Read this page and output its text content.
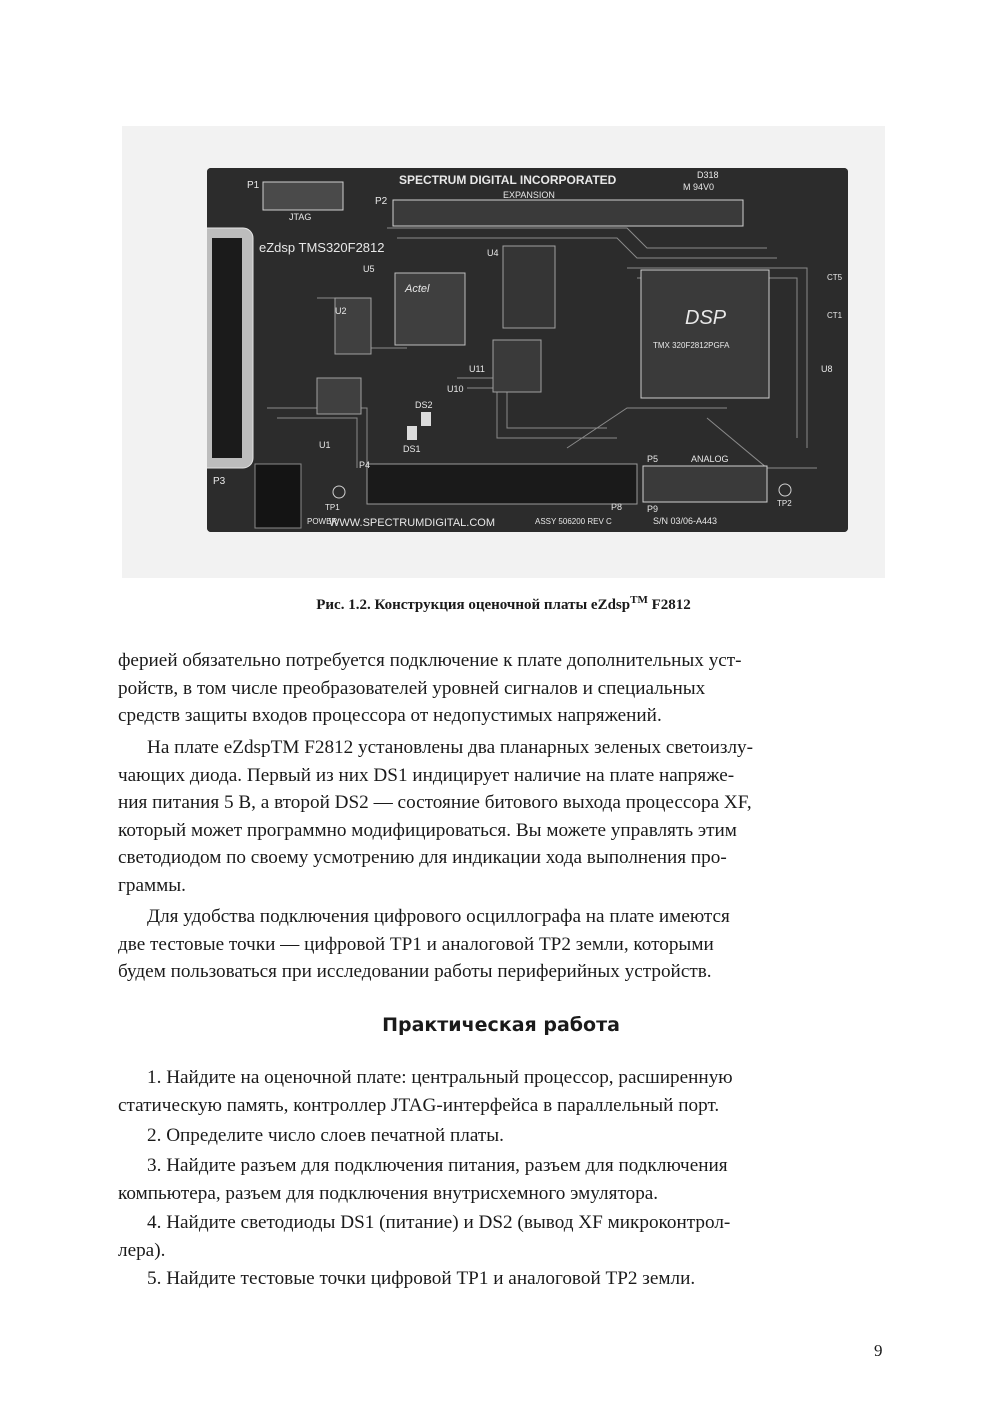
SPECTRUM DIGITAL INCORPORATED	D318
M 94V0
P1
JTAG
P2
EXPANSION
eZdsp TMS320F2812
Actel
U5
U4
U2
U1
U11
U10
DSP
TMX 320F2812PGFA
U8
CT5
CT1
DS1
DS2
P4
P8
P5	ANALOG
P9
P3
TP1	TP2
POWER
WWW.SPECTRUMDIGITAL.COM	ASSY 506200 REV C	S/N 03/06-A443
Рис. 1.2. Конструкция оценочной платы eZdsp™ F2812

ферией обязательно потребуется подключение к плате дополнительных уст-

ройств, в том числе преобразователей уровней сигналов и специальных

средств защиты входов процессора от недопустимых напряжений.

На плате eZdspTM F2812 установлены два планарных зеленых светоизлу-

чающих диода. Первый из них DS1 индицирует наличие на плате напряже-

ния питания 5 В, а второй DS2 — состояние битового выхода процессора XF,

который может программно модифицироваться. Вы можете управлять этим

светодиодом по своему усмотрению для индикации хода выполнения про-

граммы.

Для удобства подключения цифрового осциллографа на плате имеются

две тестовые точки — цифровой TP1 и аналоговой TP2 земли, которыми

будем пользоваться при исследовании работы периферийных устройств.

Практическая работа

1. Найдите на оценочной плате: центральный процессор, расширенную

статическую память, контроллер JTAG-интерфейса в параллельный порт.

2. Определите число слоев печатной платы.

3. Найдите разъем для подключения питания, разъем для подключения

компьютера, разъем для подключения внутрисхемного эмулятора.

4. Найдите светодиоды DS1 (питание) и DS2 (вывод XF микроконтрол-

лера).

5. Найдите тестовые точки цифровой TP1 и аналоговой TP2 земли.

9
